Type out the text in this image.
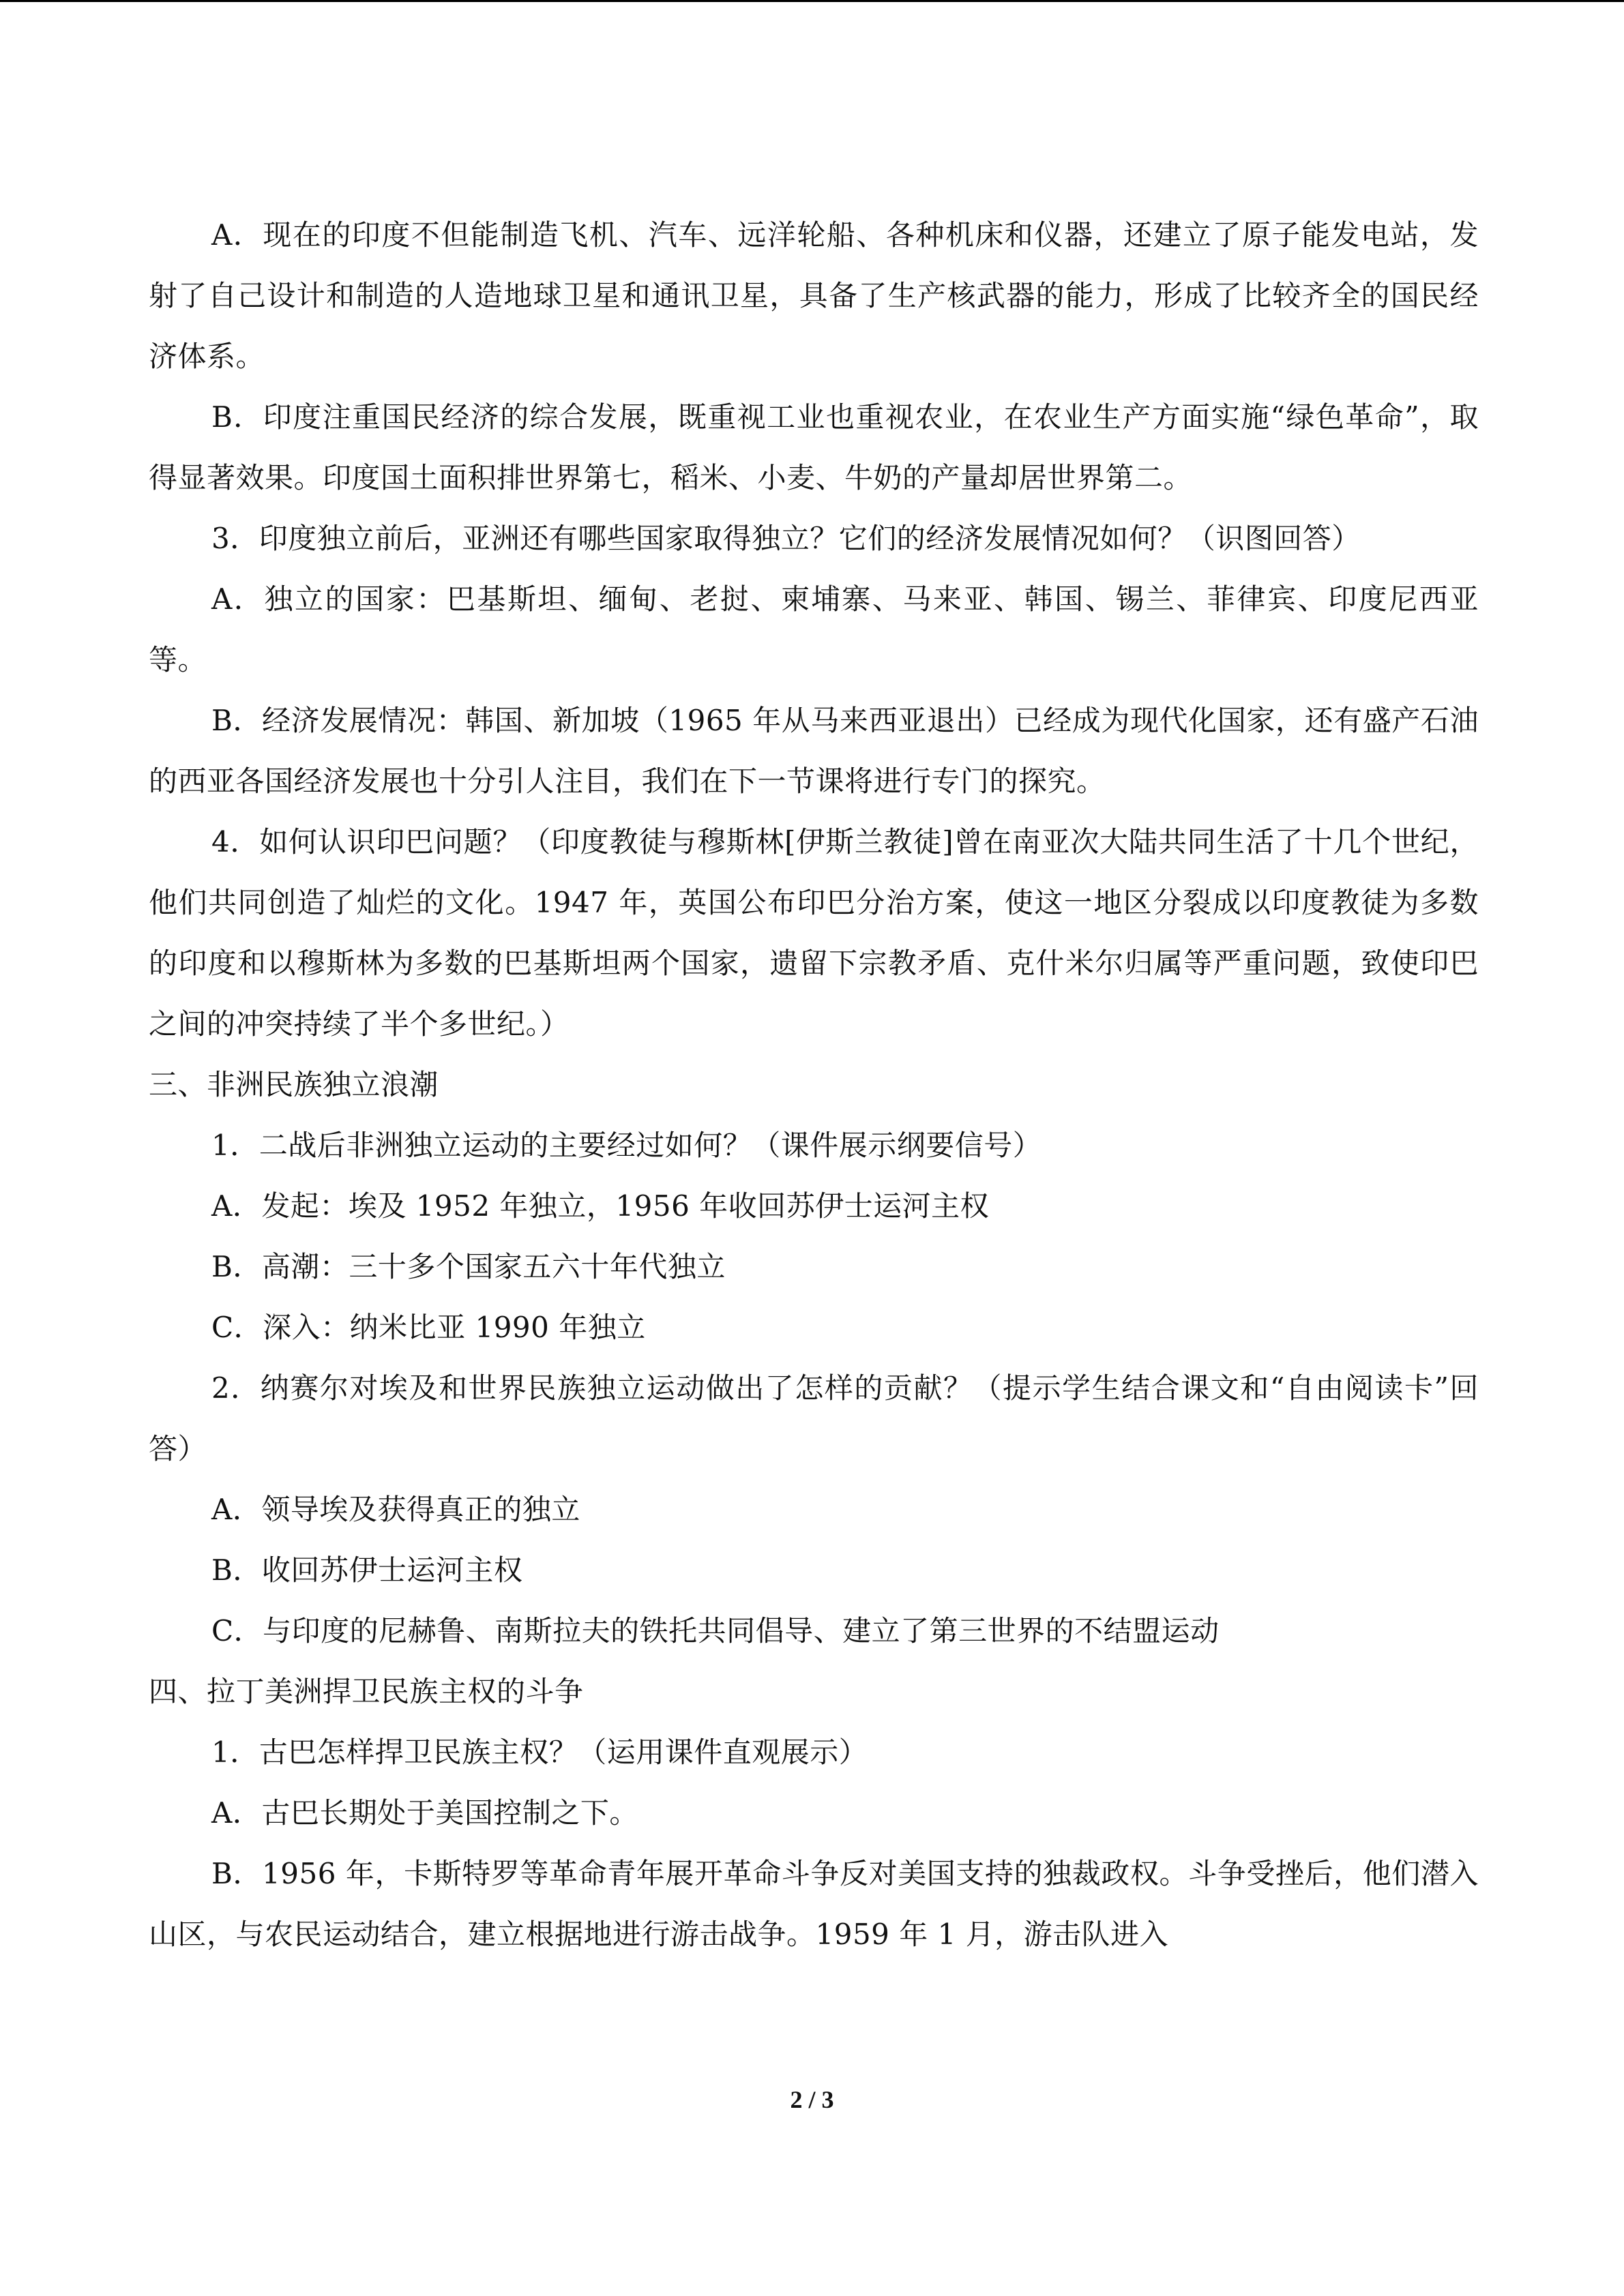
A．现在的印度不但能制造飞机、汽车、远洋轮船、各种机床和仪器，还建立了原子能发电站，发射了自己设计和制造的人造地球卫星和通讯卫星，具备了生产核武器的能力，形成了比较齐全的国民经济体系。

B．印度注重国民经济的综合发展，既重视工业也重视农业，在农业生产方面实施“绿色革命”，取得显著效果。印度国土面积排世界第七，稻米、小麦、牛奶的产量却居世界第二。

3．印度独立前后，亚洲还有哪些国家取得独立？它们的经济发展情况如何？（识图回答）

A．独立的国家：巴基斯坦、缅甸、老挝、柬埔寨、马来亚、韩国、锡兰、菲律宾、印度尼西亚等。

B．经济发展情况：韩国、新加坡（1965 年从马来西亚退出）已经成为现代化国家，还有盛产石油的西亚各国经济发展也十分引人注目，我们在下一节课将进行专门的探究。

4．如何认识印巴问题？（印度教徒与穆斯林[伊斯兰教徒]曾在南亚次大陆共同生活了十几个世纪，他们共同创造了灿烂的文化。1947 年，英国公布印巴分治方案，使这一地区分裂成以印度教徒为多数的印度和以穆斯林为多数的巴基斯坦两个国家，遗留下宗教矛盾、克什米尔归属等严重问题，致使印巴之间的冲突持续了半个多世纪。）

三、非洲民族独立浪潮

1．二战后非洲独立运动的主要经过如何？（课件展示纲要信号）

A．发起：埃及 1952 年独立，1956 年收回苏伊士运河主权

B．高潮：三十多个国家五六十年代独立

C．深入：纳米比亚 1990 年独立

2．纳赛尔对埃及和世界民族独立运动做出了怎样的贡献？（提示学生结合课文和“自由阅读卡”回答）

A．领导埃及获得真正的独立

B．收回苏伊士运河主权

C．与印度的尼赫鲁、南斯拉夫的铁托共同倡导、建立了第三世界的不结盟运动

四、拉丁美洲捍卫民族主权的斗争

1．古巴怎样捍卫民族主权？（运用课件直观展示）

A．古巴长期处于美国控制之下。

B．1956 年，卡斯特罗等革命青年展开革命斗争反对美国支持的独裁政权。斗争受挫后，他们潜入山区，与农民运动结合，建立根据地进行游击战争。1959 年 1 月，游击队进入

2 / 3
